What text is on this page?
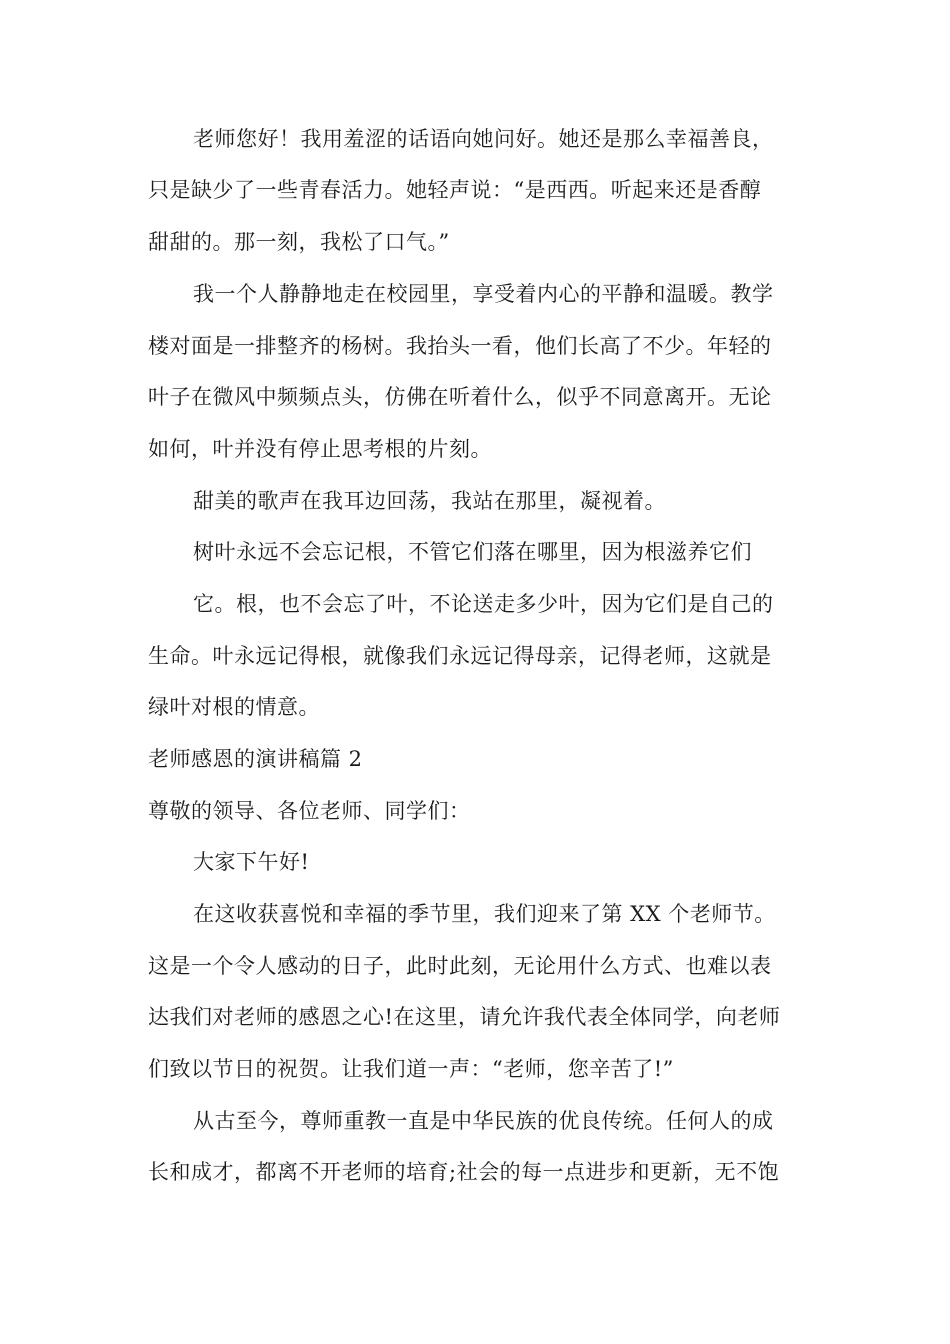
老师您好！我用羞涩的话语向她问好。她还是那么幸福善良，
只是缺少了一些青春活力。她轻声说：“是西西。听起来还是香醇
甜甜的。那一刻，我松了口气。”
我一个人静静地走在校园里，享受着内心的平静和温暖。教学
楼对面是一排整齐的杨树。我抬头一看，他们长高了不少。年轻的
叶子在微风中频频点头，仿佛在听着什么，似乎不同意离开。无论
如何，叶并没有停止思考根的片刻。
甜美的歌声在我耳边回荡，我站在那里，凝视着。
树叶永远不会忘记根，不管它们落在哪里，因为根滋养它们
它。根，也不会忘了叶，不论送走多少叶，因为它们是自己的
生命。叶永远记得根，就像我们永远记得母亲，记得老师，这就是
绿叶对根的情意。
老师感恩的演讲稿篇 2
尊敬的领导、各位老师、同学们：
大家下午好!
在这收获喜悦和幸福的季节里，我们迎来了第 XX 个老师节。
这是一个令人感动的日子，此时此刻，无论用什么方式、也难以表
达我们对老师的感恩之心!在这里，请允许我代表全体同学，向老师
们致以节日的祝贺。让我们道一声：“老师，您辛苦了!”
从古至今，尊师重教一直是中华民族的优良传统。任何人的成
长和成才，都离不开老师的培育;社会的每一点进步和更新，无不饱
